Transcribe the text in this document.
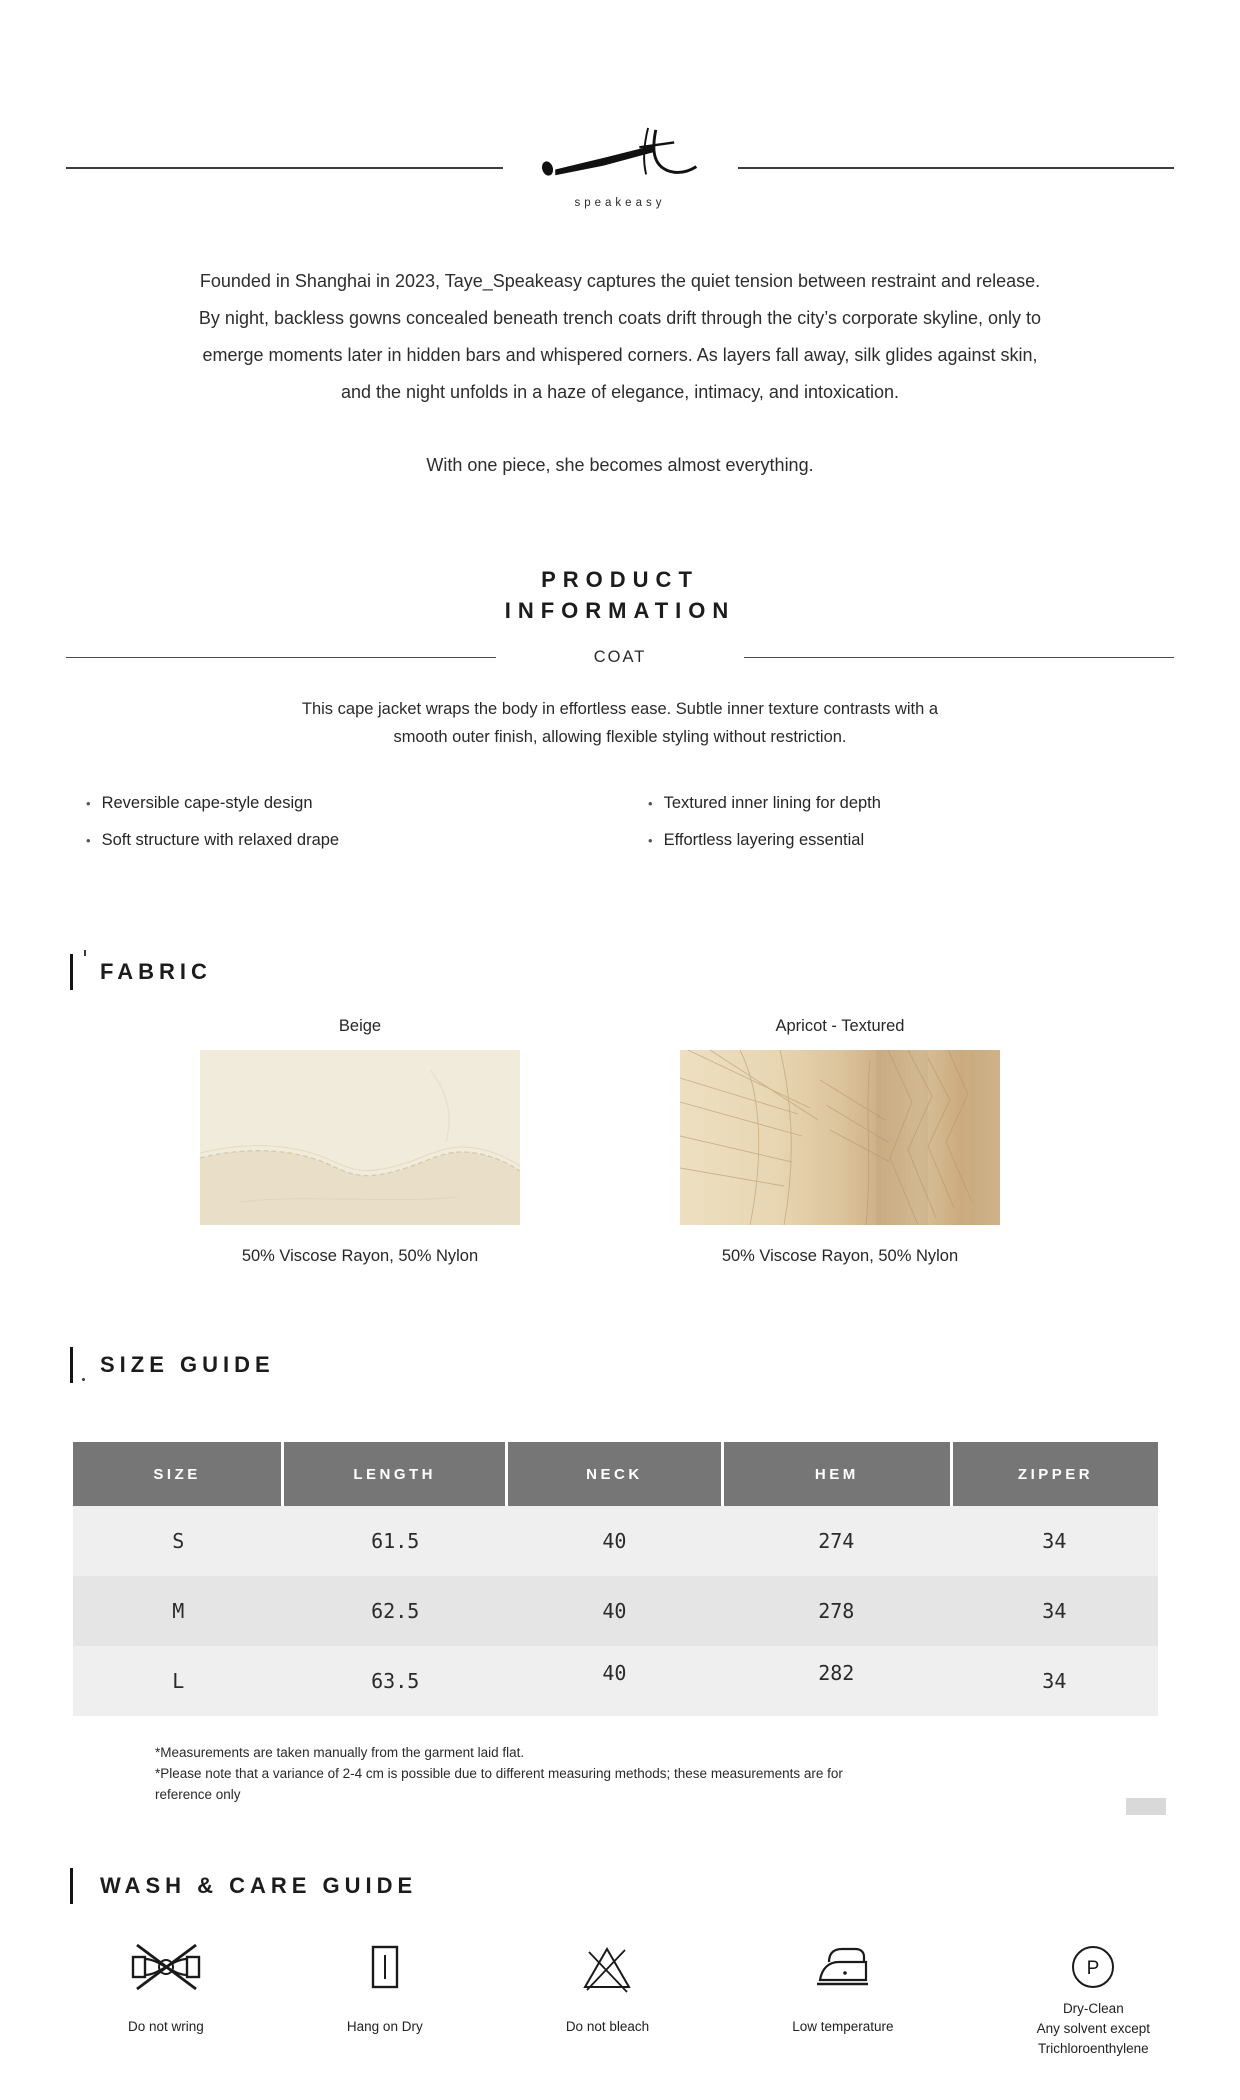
speakeasy
Founded in Shanghai in 2023, Taye_Speakeasy captures the quiet tension between restraint and release.
By night, backless gowns concealed beneath trench coats drift through the city’s corporate skyline, only to
emerge moments later in hidden bars and whispered corners. As layers fall away, silk glides against skin,
and the night unfolds in a haze of elegance, intimacy, and intoxication.
With one piece, she becomes almost everything.
PRODUCT
INFORMATION
COAT
This cape jacket wraps the body in effortless ease. Subtle inner texture contrasts with a
smooth outer finish, allowing flexible styling without restriction.
• Reversible cape-style design	• Textured inner lining for depth
• Soft structure with relaxed drape	• Effortless layering essential
FABRIC
Beige
50% Viscose Rayon, 50% Nylon
Apricot - Textured
50% Viscose Rayon, 50% Nylon
SIZE GUIDE
SIZE	LENGTH	NECK	HEM	ZIPPER
S	61.5	40	274	34
M	62.5	40	278	34
L	63.5	40	282	34
*Measurements are taken manually from the garment laid flat.
*Please note that a variance of 2-4 cm is possible due to different measuring methods; these measurements are for
reference only
WASH & CARE GUIDE
Do not wring	Hang on Dry	Do not bleach	Low temperature
P
Dry-Clean
Any solvent except
Trichloroenthylene
